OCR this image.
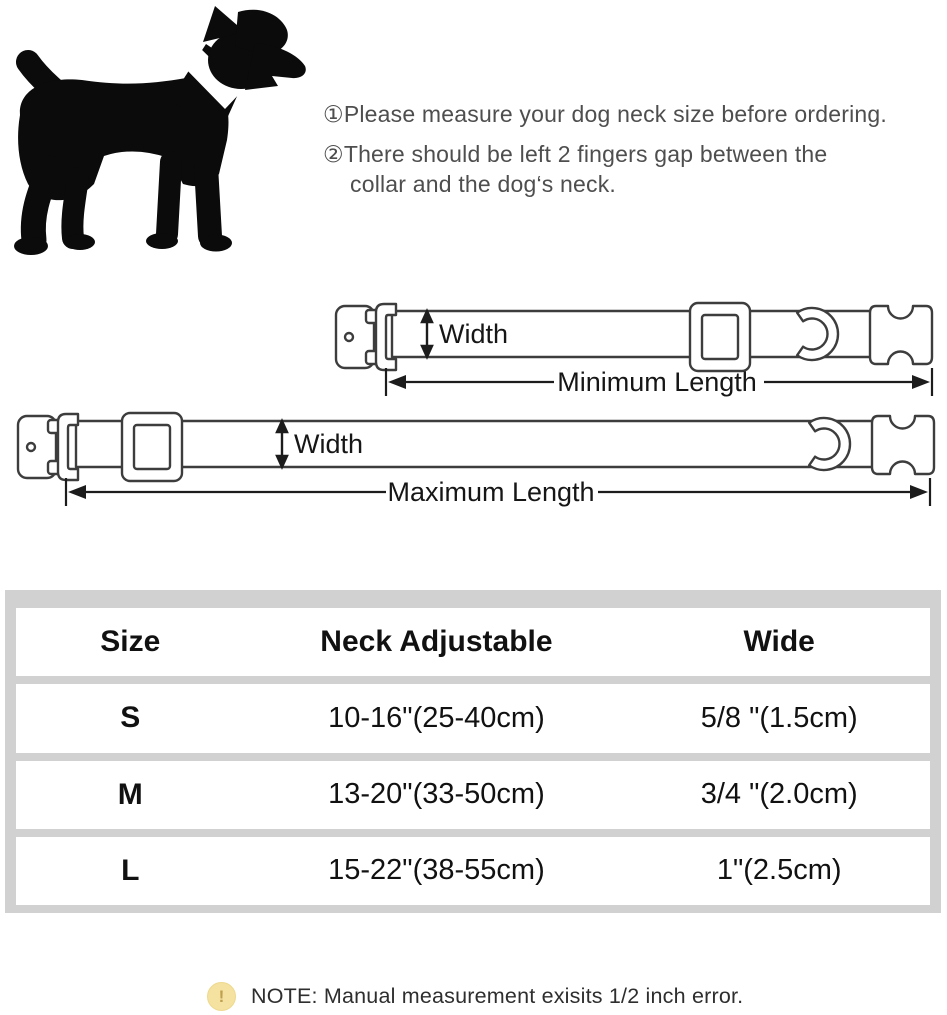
①Please measure your dog neck size before ordering.
②There should be left 2 fingers gap between the
collar and the dog‘s neck.
Width
Minimum Length
Width
Maximum Length
Size	Neck Adjustable	Wide
S	10-16"(25-40cm)	5/8 "(1.5cm)
M	13-20"(33-50cm)	3/4 "(2.0cm)
L	15-22"(38-55cm)	1"(2.5cm)
!	NOTE: Manual measurement exisits 1/2 inch error.
